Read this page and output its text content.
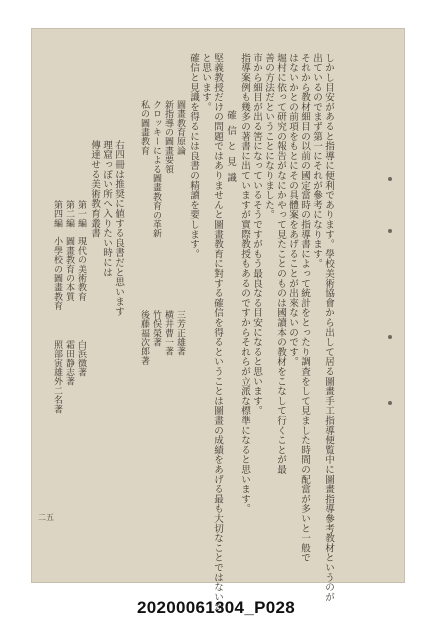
しかし目安があると指導に便利であります。學校美術協會から出して居る圖畫手工指導便覧中に圖畫指導參考教材というのが
出ているのでまず第一にそれが參考になります。
それから教材細目の以前の國定當時の指導書によって統計をとったり調査をして見ました時間の配當が多いと一般で
はないかとの前項をもとにその具體案をあげることが出來ないのです。
堀村に依って研究の報告がなにかやって見たことのものは國讀本の教材をこなして行くことが最
善の方法だということになりました。
市から細目が出る筈になっているそうですがもう最良なる目安になると思います。
指導案例も幾多の著書に出ていますが實際教授もあるのですからそれらが立派な標準になると思います。
確信と見識
堅義教授だけの問題ではありませんと圖畫教育に對する確信を得るということは圖畫の成績をあげる最も大切なことではないか
と思います。
確信と見識を得るには良書の精讀を要します。
圖畫教育原論
三芳正雄著
新指導の圖畫要領
横井曹一著
クロッキーによる圖畫教育の革新
竹俣榮著
私の圖畫教育
後藤福次郎著
右四冊は推奨に値する良書だと思います
理窟っぽい所へ入りたい時には
傳達せる美術教育叢書
第一編　現代の美術教育
白浜徴著
第二編　圖畫教育の本質
霜田静志著
第四編　小學校の圖畫教育
照部寅雄外二名著
二五
20200061304_P028
